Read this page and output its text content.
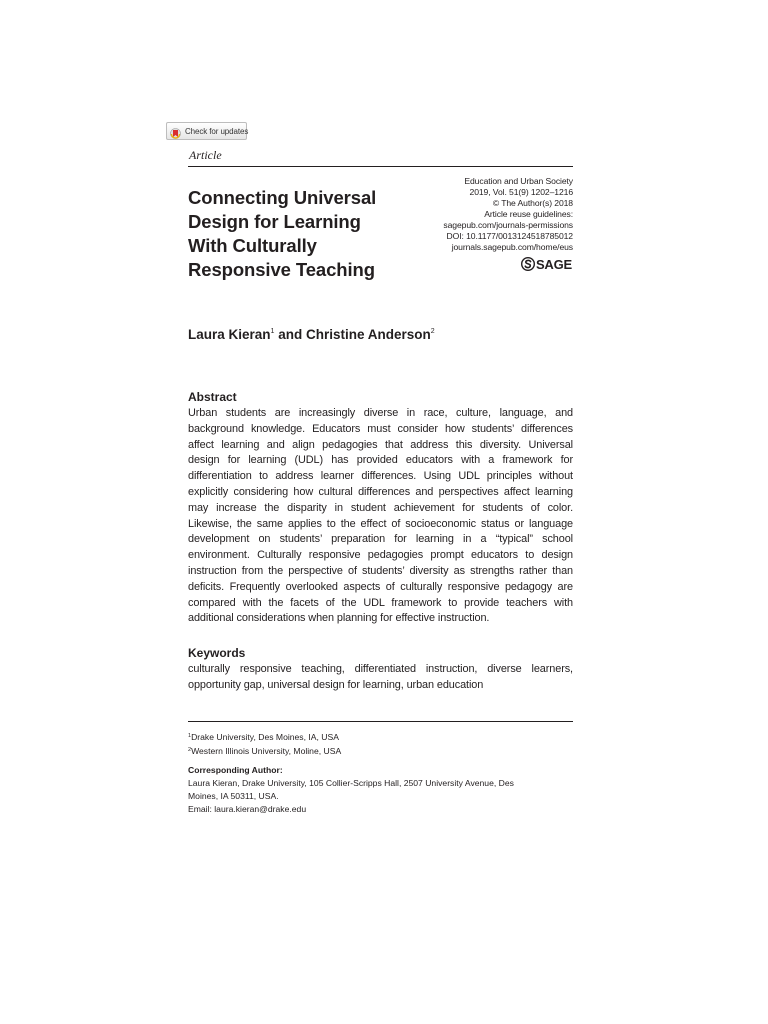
Check for updates
Article
Connecting Universal
Design for Learning
With Culturally
Responsive Teaching
Education and Urban Society
2019, Vol. 51(9) 1202–1216
© The Author(s) 2018
Article reuse guidelines:
sagepub.com/journals-permissions
DOI: 10.1177/0013124518785012
journals.sagepub.com/home/eus
SAGE
Laura Kieran$^1$ and Christine Anderson$^2$
Abstract
Urban students are increasingly diverse in race, culture, language, and
background knowledge. Educators must consider how students’ differences
affect learning and align pedagogies that address this diversity. Universal
design for learning (UDL) has provided educators with a framework for
differentiation to address learner differences. Using UDL principles without
explicitly considering how cultural differences and perspectives affect learning
may increase the disparity in student achievement for students of color.
Likewise, the same applies to the effect of socioeconomic status or language
development on students’ preparation for learning in a “typical” school
environment. Culturally responsive pedagogies prompt educators to design
instruction from the perspective of students’ diversity as strengths rather than
deficits. Frequently overlooked aspects of culturally responsive pedagogy are
compared with the facets of the UDL framework to provide teachers with
additional considerations when planning for effective instruction.
Keywords
culturally responsive teaching, differentiated instruction, diverse learners,
opportunity gap, universal design for learning, urban education
$^1$Drake University, Des Moines, IA, USA
$^2$Western Illinois University, Moline, USA
Corresponding Author:
Laura Kieran, Drake University, 105 Collier-Scripps Hall, 2507 University Avenue, Des
Moines, IA 50311, USA.
Email: laura.kieran@drake.edu
